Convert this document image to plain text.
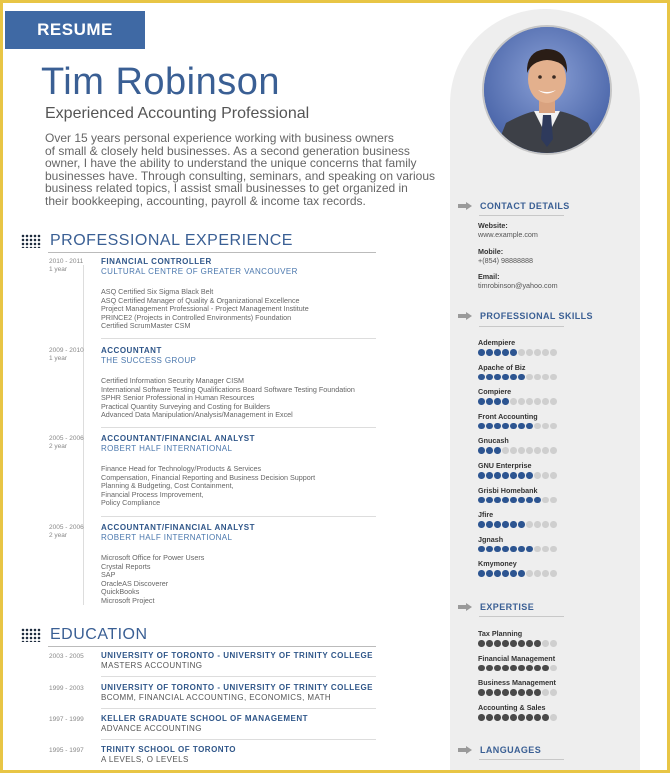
RESUME
Tim Robinson
Experienced Accounting Professional
Over 15 years personal experience working with business owners
of small & closely held businesses. As a second generation business
owner, I have the ability to understand the unique concerns that family
businesses have. Through consulting, seminars, and speaking on various
business related topics, I assist small businesses to get organized in
their bookkeeping, accounting, payroll & income tax records.
PROFESSIONAL EXPERIENCE
2010 - 2011
1 year
FINANCIAL CONTROLLER
CULTURAL CENTRE OF GREATER VANCOUVER
ASQ Certified Six Sigma Black Belt
ASQ Certified Manager of Quality & Organizational Excellence
Project Management Professional - Project Management Institute
PRINCE2 (Projects in Controlled Environments) Foundation
Certified ScrumMaster CSM
2009 - 2010
1 year
ACCOUNTANT
THE SUCCESS GROUP
Certified Information Security Manager CISM
International Software Testing Qualifications Board Software Testing Foundation
SPHR Senior Professional in Human Resources
Practical Quantity Surveying and Costing for Builders
Advanced Data Manipulation/Analysis/Management in Excel
2005 - 2006
2 year
ACCOUNTANT/FINANCIAL ANALYST
ROBERT HALF INTERNATIONAL
Finance Head for Technology/Products & Services
Compensation, Financial Reporting and Business Decision Support
Planning & Budgeting, Cost Containment,
Financial Process Improvement,
Policy Compliance
2005 - 2006
2 year
ACCOUNTANT/FINANCIAL ANALYST
ROBERT HALF INTERNATIONAL
Microsoft Office for Power Users
Crystal Reports
SAP
OracleAS Discoverer
QuickBooks
Microsoft Project
EDUCATION
2003 - 2005 UNIVERSITY OF TORONTO - UNIVERSITY OF TRINITY COLLEGE
MASTERS ACCOUNTING
1999 - 2003 UNIVERSITY OF TORONTO - UNIVERSITY OF TRINITY COLLEGE
BCOMM, FINANCIAL ACCOUNTING, ECONOMICS, MATH
1997 - 1999 KELLER GRADUATE SCHOOL OF MANAGEMENT
ADVANCE ACCOUNTING
1995 - 1997 TRINITY SCHOOL OF TORONTO
A LEVELS, O LEVELS
CONTACT DETAILS
Website:
www.example.com
Mobile:
+(854) 98888888
Email:
timrobinson@yahoo.com
PROFESSIONAL SKILLS
EXPERTISE
LANGUAGES
Adempiere
Apache of Biz
Compiere
Front Accounting
Gnucash
GNU Enterprise
Grisbi Homebank
Jfire
Jgnash
Kmymoney
Tax Planning
Financial Management
Business Management
Accounting & Sales
